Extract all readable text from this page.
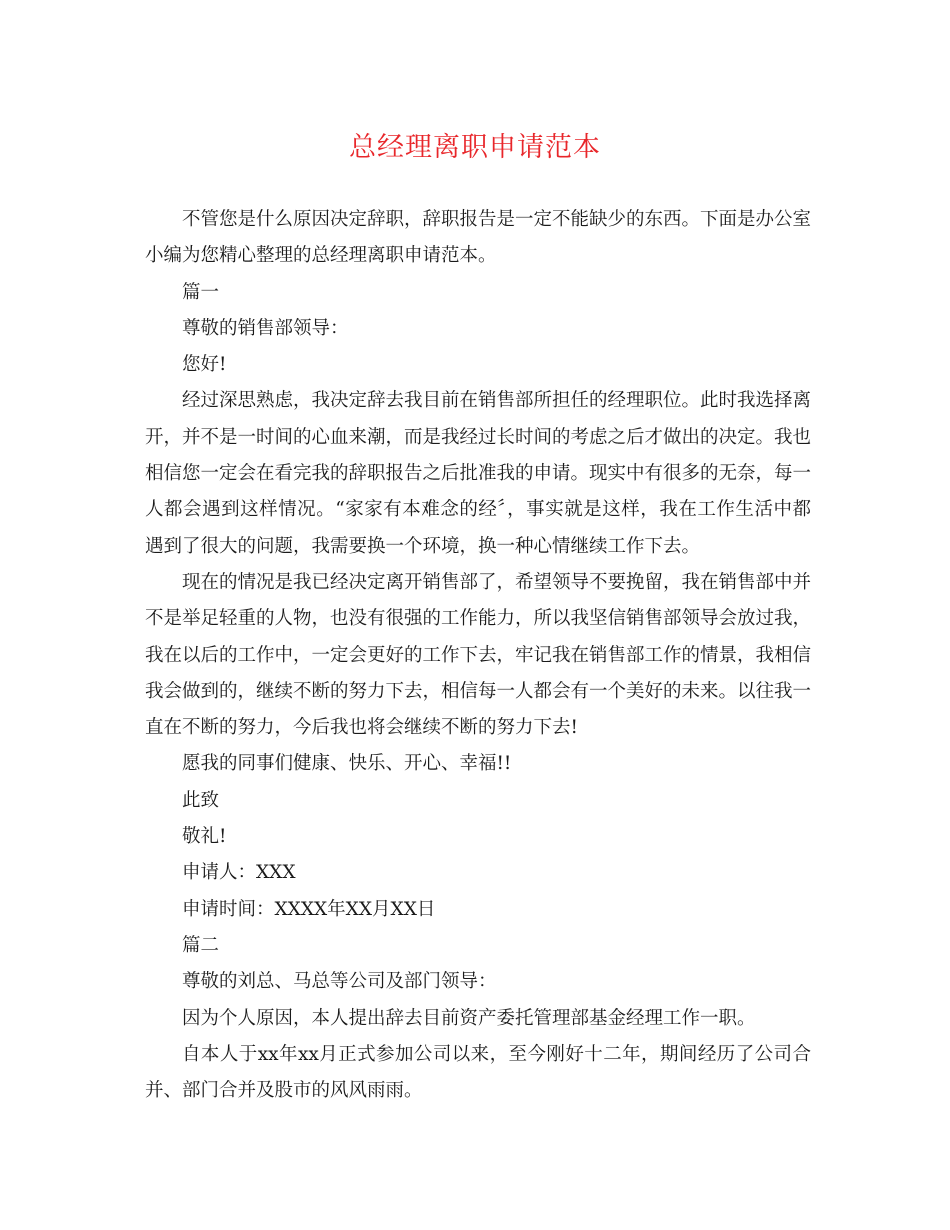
总经理离职申请范本

不管您是什么原因决定辞职，辞职报告是一定不能缺少的东西。下面是办公室小编为您精心整理的总经理离职申请范本。

篇一

尊敬的销售部领导：

您好!

经过深思熟虑，我决定辞去我目前在销售部所担任的经理职位。此时我选择离开，并不是一时间的心血来潮，而是我经过长时间的考虑之后才做出的决定。我也相信您一定会在看完我的辞职报告之后批准我的申请。现实中有很多的无奈，每一人都会遇到这样情况。“家家有本难念的经〞，事实就是这样，我在工作生活中都遇到了很大的问题，我需要换一个环境，换一种心情继续工作下去。

现在的情况是我已经决定离开销售部了，希望领导不要挽留，我在销售部中并不是举足轻重的人物，也没有很强的工作能力，所以我坚信销售部领导会放过我，我在以后的工作中，一定会更好的工作下去，牢记我在销售部工作的情景，我相信我会做到的，继续不断的努力下去，相信每一人都会有一个美好的未来。以往我一直在不断的努力，今后我也将会继续不断的努力下去!

愿我的同事们健康、快乐、开心、幸福!!

此致

敬礼!

申请人：XXX

申请时间：XXXX年XX月XX日

篇二

尊敬的刘总、马总等公司及部门领导：

因为个人原因，本人提出辞去目前资产委托管理部基金经理工作一职。

自本人于xx年xx月正式参加公司以来，至今刚好十二年，期间经历了公司合并、部门合并及股市的风风雨雨。
